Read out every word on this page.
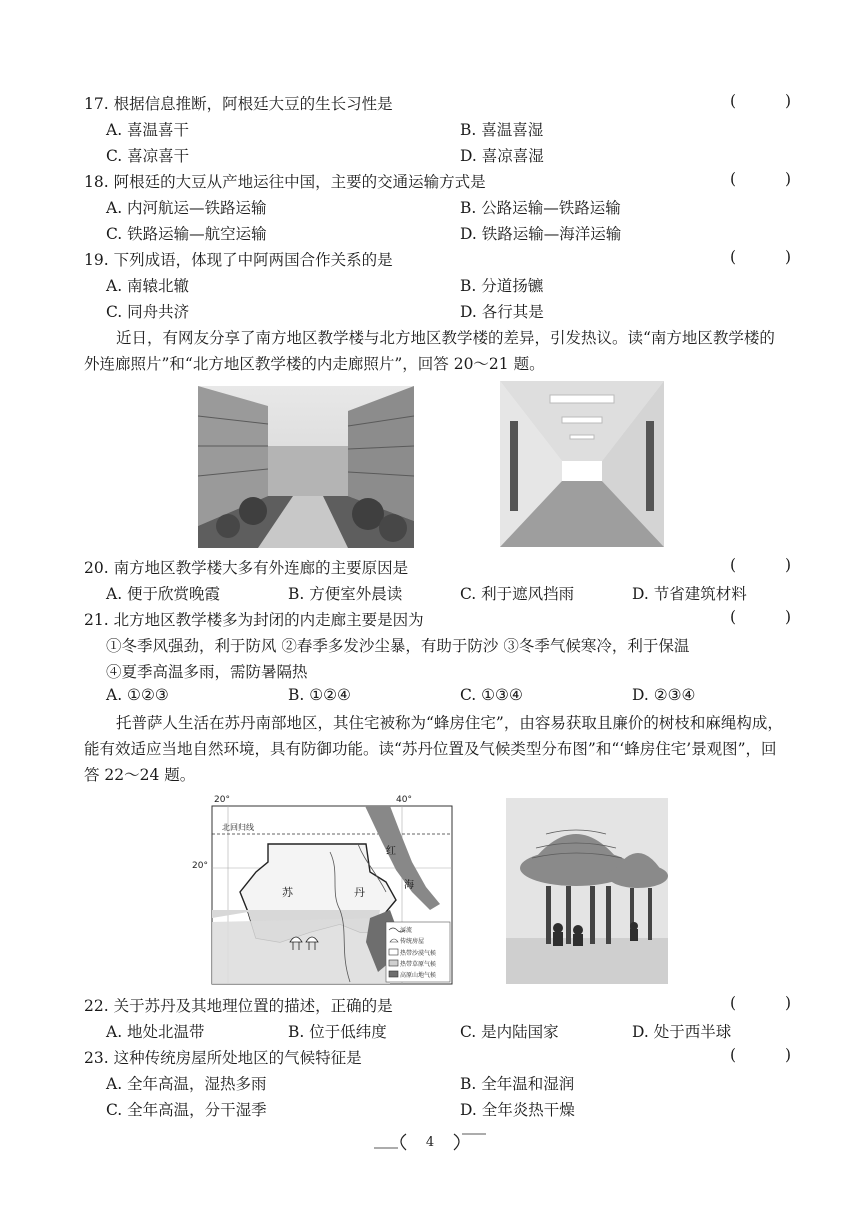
17. 根据信息推断，阿根廷大豆的生长习性是	( )
A. 喜温喜干	B. 喜温喜湿
C. 喜凉喜干	D. 喜凉喜湿
18. 阿根廷的大豆从产地运往中国，主要的交通运输方式是	( )
A. 内河航运—铁路运输	B. 公路运输—铁路运输
C. 铁路运输—航空运输	D. 铁路运输—海洋运输
19. 下列成语，体现了中阿两国合作关系的是	( )
A. 南辕北辙	B. 分道扬镳
C. 同舟共济	D. 各行其是
近日，有网友分享了南方地区教学楼与北方地区教学楼的差异，引发热议。读“南方地区教学楼的外连廊照片”和“北方地区教学楼的内走廊照片”，回答 20～21 题。
20. 南方地区教学楼大多有外连廊的主要原因是	( )
A. 便于欣赏晚霞	B. 方便室外晨读	C. 利于遮风挡雨	D. 节省建筑材料
21. 北方地区教学楼多为封闭的内走廊主要是因为	( )
①冬季风强劲，利于防风 ②春季多发沙尘暴，有助于防沙 ③冬季气候寒冷，利于保温
④夏季高温多雨，需防暑隔热
A. ①②③	B. ①②④	C. ①③④	D. ②③④
托普萨人生活在苏丹南部地区，其住宅被称为“蜂房住宅”，由容易获取且廉价的树枝和麻绳构成，能有效适应当地自然环境，具有防御功能。读“苏丹位置及气候类型分布图”和“‘蜂房住宅’景观图”，回答 22～24 题。
20°	40°
20°
北回归线
苏	丹
红
海
河流
传统房屋
热带沙漠气候
热带草原气候
高原山地气候
22. 关于苏丹及其地理位置的描述，正确的是	( )
A. 地处北温带	B. 位于低纬度	C. 是内陆国家	D. 处于西半球
23. 这种传统房屋所处地区的气候特征是	( )
A. 全年高温，湿热多雨	B. 全年温和湿润
C. 全年高温，分干湿季	D. 全年炎热干燥
4
